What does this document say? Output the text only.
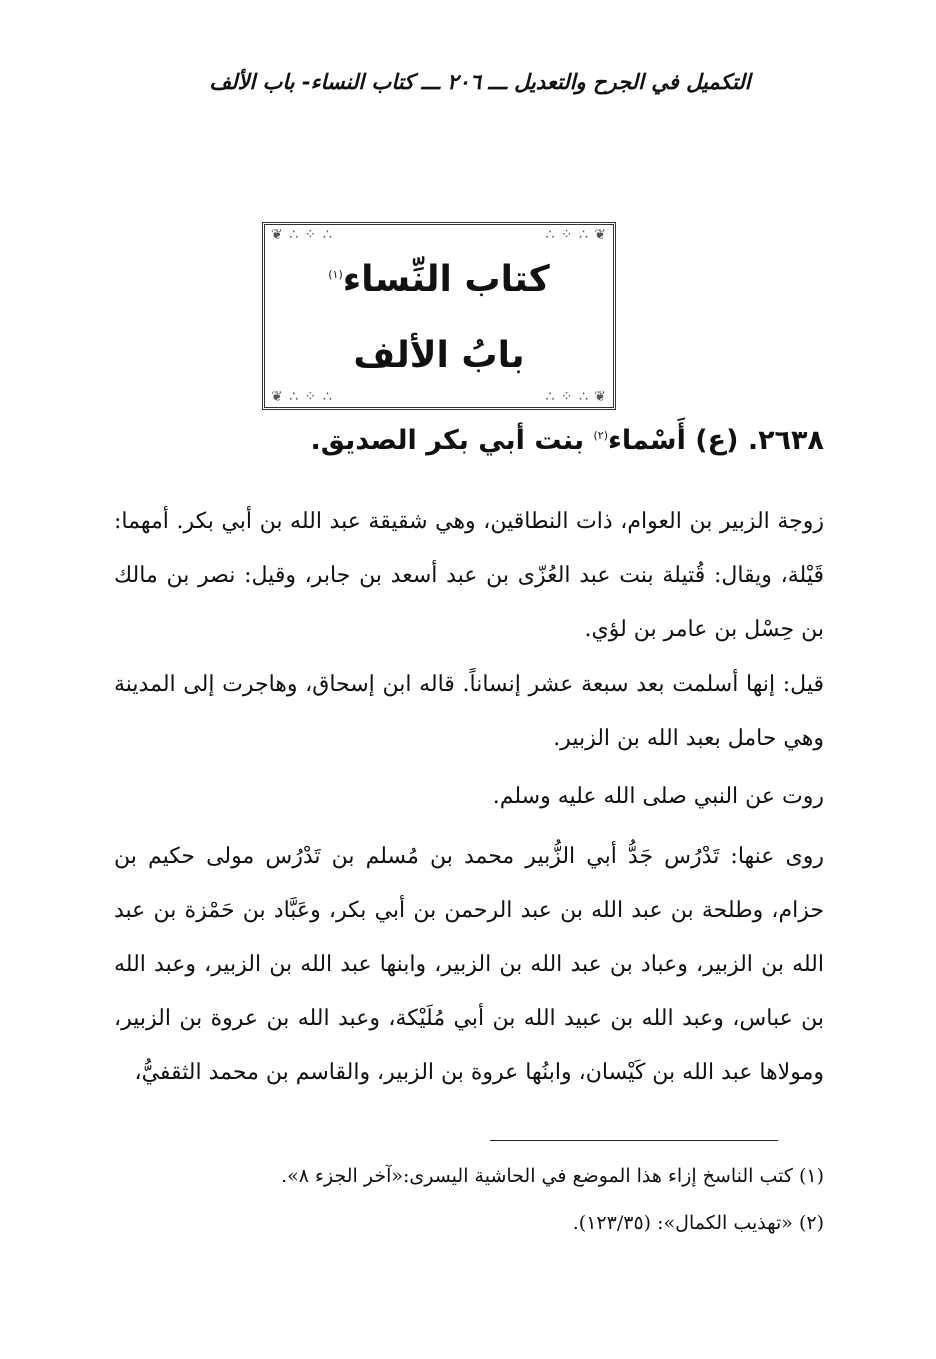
التكميل في الجرح والتعديل ـــ ٢٠٦ ـــ كتاب النساء- باب الألف
❦ ∴ ⁘ ∴	∴ ⁘ ∴ ❦
❦ ∴ ⁘ ∴	∴ ⁘ ∴ ❦
كتاب النِّساء$^{(١)}$
بابُ الألف
٢٦٣٨. (ع) أَسْماء$^{(٢)}$ بنت أبي بكر الصديق.
زوجة الزبير بن العوام، ذات النطاقين، وهي شقيقة عبد الله بن أبي بكر. أمهما: قَيْلة، ويقال: قُتيلة بنت عبد العُزّى بن عبد أسعد بن جابر، وقيل: نصر بن مالك بن حِسْل بن عامر بن لؤي.
قيل: إنها أسلمت بعد سبعة عشر إنساناً. قاله ابن إسحاق، وهاجرت إلى المدينة وهي حامل بعبد الله بن الزبير.
روت عن النبي صلى الله عليه وسلم.
روى عنها: تَدْرُس جَدُّ أبي الزُّبير محمد بن مُسلم بن تَدْرُس مولى حكيم بن حزام، وطلحة بن عبد الله بن عبد الرحمن بن أبي بكر، وعَبَّاد بن حَمْزة بن عبد الله بن الزبير، وعباد بن عبد الله بن الزبير، وابنها عبد الله بن الزبير، وعبد الله بن عباس، وعبد الله بن عبيد الله بن أبي مُلَيْكة، وعبد الله بن عروة بن الزبير، ومولاها عبد الله بن كَيْسان، وابنُها عروة بن الزبير، والقاسم بن محمد الثقفيُّ،
(١) كتب الناسخ إزاء هذا الموضع في الحاشية اليسرى:«آخر الجزء ٨».
(٢) «تهذيب الكمال»: (١٢٣/٣٥).
